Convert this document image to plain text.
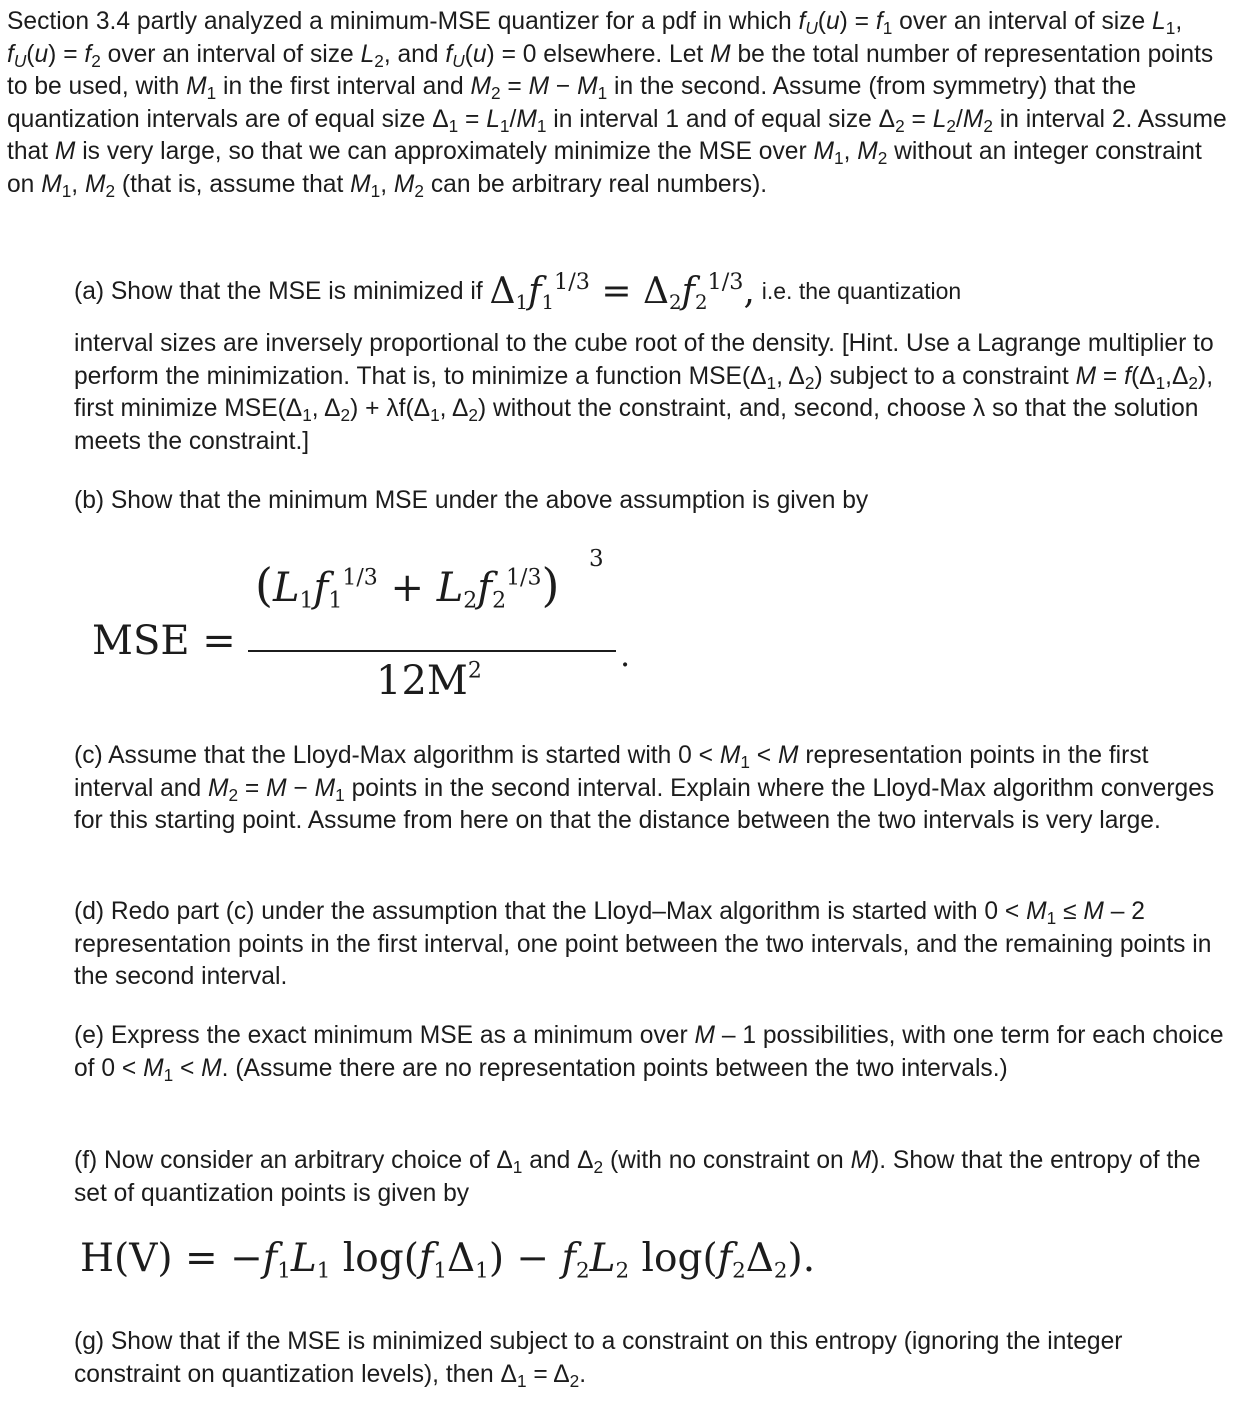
Section 3.4 partly analyzed a minimum-MSE quantizer for a pdf in which $f_U(u) = f_1$ over an interval of size $L_1$, $f_U(u) = f_2$ over an interval of size $L_2$, and $f_U(u) = 0$ elsewhere. Let M be the total number of representation points to be used, with $M_1$ in the first interval and $M_2 = M - M_1$ in the second. Assume (from symmetry) that the quantization intervals are of equal size $\Delta_1 = L_1/M_1$ in interval 1 and of equal size $\Delta_2 = L_2/M_2$ in interval 2. Assume that M is very large, so that we can approximately minimize the MSE over $M_1$, $M_2$ without an integer constraint on $M_1$, $M_2$ (that is, assume that $M_1$, $M_2$ can be arbitrary real numbers).

(a) Show that the MSE is minimized if $\Delta_1f_1^{1/3} = \Delta_2f_2^{1/3}$, i.e. the quantization

interval sizes are inversely proportional to the cube root of the density. [Hint. Use a Lagrange multiplier to perform the minimization. That is, to minimize a function $MSE(\Delta_1$, $\Delta_2$) subject to a constraint $M = f(\Delta_1,\Delta_2)$, first minimize $MSE(\Delta_1$, $\Delta_2) + \lambda f(\Delta_1$, $\Delta_2$) without the constraint, and, second, choose λ so that the solution meets the constraint.]

(b) Show that the minimum MSE under the above assumption is given by

MSE =
$(L_1f_1^{1/3} + L_2f_2^{1/3})$ 3
$12M^2$	.

(c) Assume that the Lloyd-Max algorithm is started with $0 < M_1 < M$ representation points in the first interval and $M_2 = M - M_1$ points in the second interval. Explain where the Lloyd-Max algorithm converges for this starting point. Assume from here on that the distance between the two intervals is very large.

(d) Redo part (c) under the assumption that the Lloyd–Max algorithm is started with $0 < M_1 \le M - 2$ representation points in the first interval, one point between the two intervals, and the remaining points in the second interval.

(e) Express the exact minimum MSE as a minimum over M – 1 possibilities, with one term for each choice of $0 < M_1 < M$. (Assume there are no representation points between the two intervals.)

(f) Now consider an arbitrary choice of $\Delta_1$ and $\Delta_2$ (with no constraint on M). Show that the entropy of the set of quantization points is given by

$H(V) = -f_1L_1$ $\log(f_1\Delta_1) - f_2L_2$ $\log(f_2\Delta_2)$.

(g) Show that if the MSE is minimized subject to a constraint on this entropy (ignoring the integer constraint on quantization levels), then $\Delta_1 = \Delta_2$.
